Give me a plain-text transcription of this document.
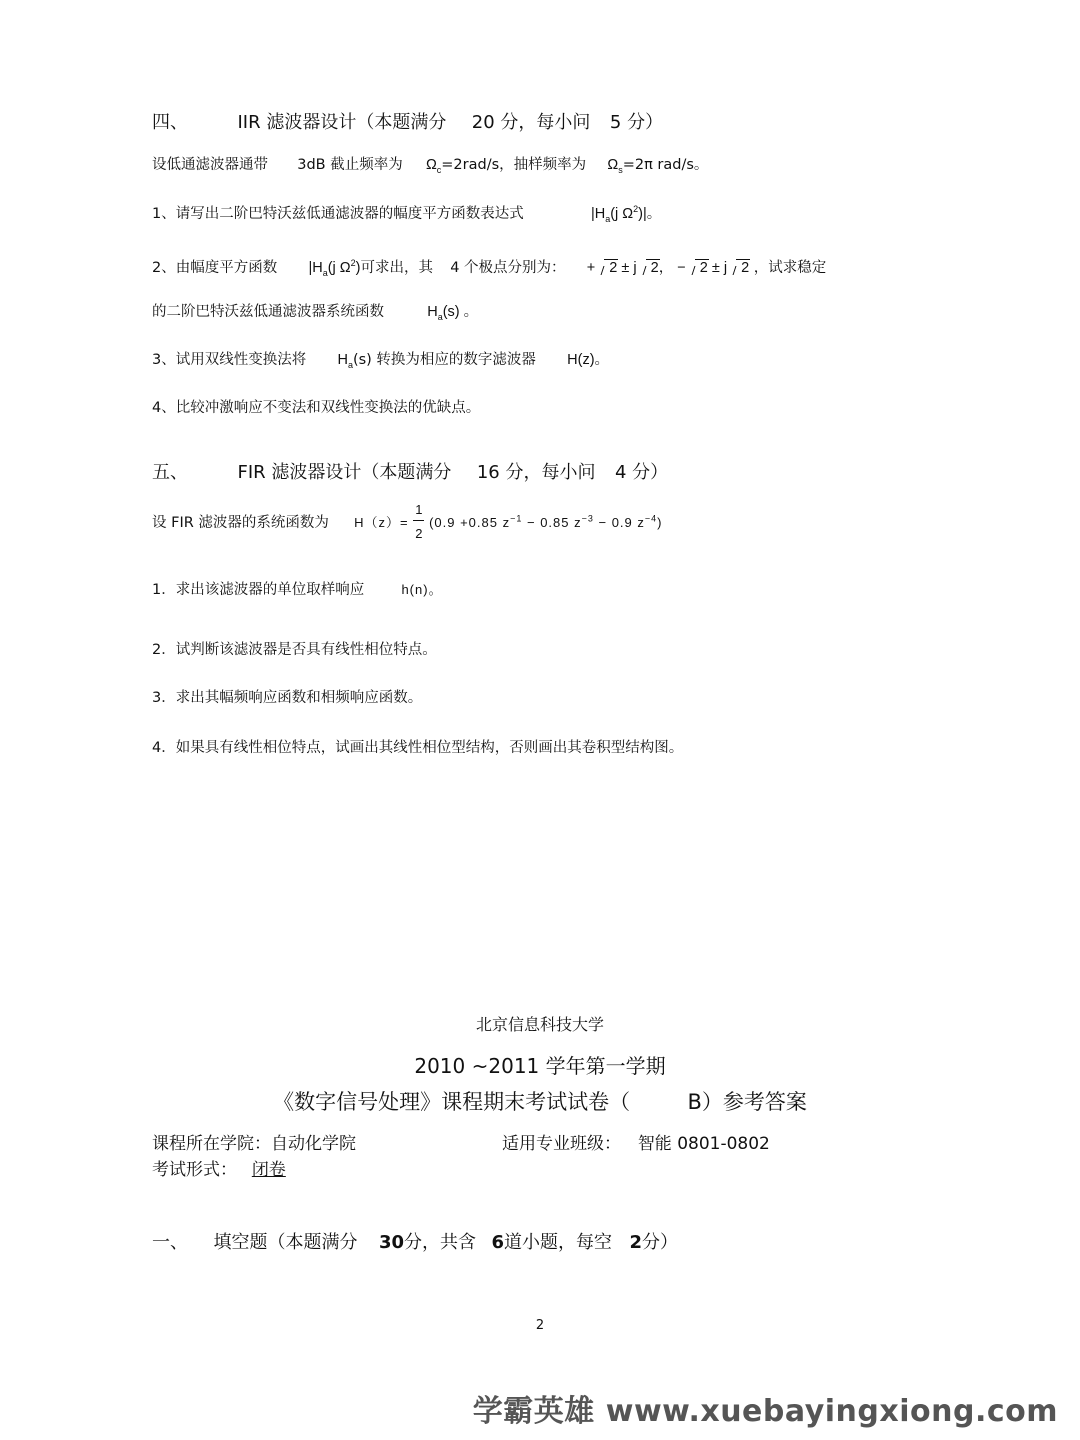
四、	IIR 滤波器设计（本题满分 20 分，每小问 5 分）
设低通滤波器通带 3dB 截止频率为 $\Omega_c=2rad/s$，抽样频率为 $\Omega_s=2\pi$ rad/s。
1、请写出二阶巴特沃兹低通滤波器的幅度平方函数表达式	$|H_a(j$ $\Omega^2)|$。
2、由幅度平方函数 $|H_a(j$ $\Omega^2$)可求出，其 4 个极点分别为： + 2 ± j 2， − 2 ± j 2 ，试求稳定
的二阶巴特沃兹低通滤波器系统函数	$H_a(s)$ 。
3、试用双线性变换法将 $H_a(s)$ 转换为相应的数字滤波器 H(z)。
4、比较冲激响应不变法和双线性变换法的优缺点。
五、	FIR 滤波器设计（本题满分 16 分，每小问 4 分）
设 FIR 滤波器的系统函数为 $H(z)= \frac{1}{2} (0.9 +0.85$ $z^{-1} - 0.85$ $z^{-3} - 0.9$ $z^{-4}$)
1．求出该滤波器的单位取样响应	h(n)。
2．试判断该滤波器是否具有线性相位特点。
3．求出其幅频响应函数和相频响应函数。
4．如果具有线性相位特点，试画出其线性相位型结构，否则画出其卷积型结构图。
北京信息科技大学
2010 ~2011 学年第一学期
《数字信号处理》课程期末考试试卷（	B）参考答案
课程所在学院：自动化学院	适用专业班级： 智能 0801-0802
考试形式： 闭卷
一、 填空题（本题满分 30分，共含 6道小题，每空 2分）
2
学霸英雄 www.xuebayingxiong.com
